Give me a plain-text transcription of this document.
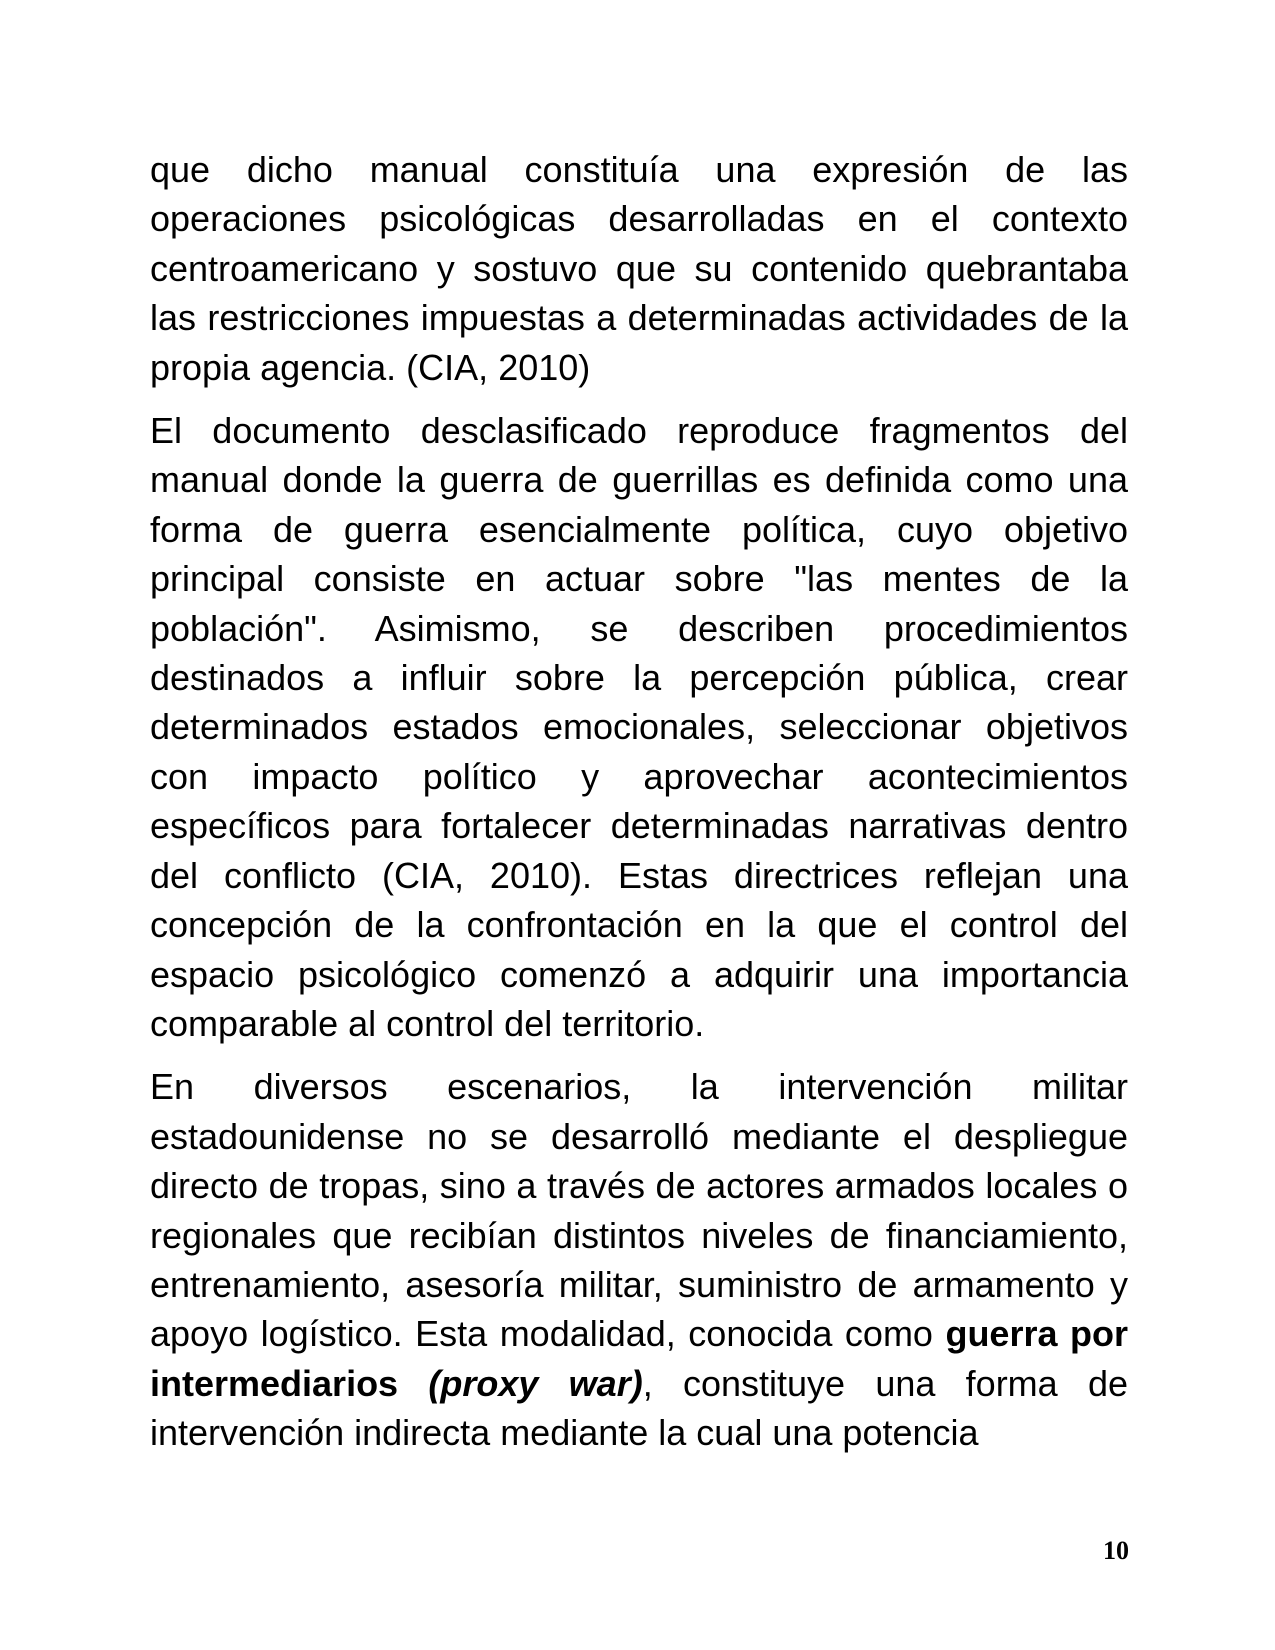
que dicho manual constituía una expresión de las operaciones psicológicas desarrolladas en el contexto centroamericano y sostuvo que su contenido quebrantaba las restricciones impuestas a determinadas actividades de la propia agencia. (CIA, 2010)

El documento desclasificado reproduce fragmentos del manual donde la guerra de guerrillas es definida como una forma de guerra esencialmente política, cuyo objetivo principal consiste en actuar sobre "las mentes de la población". Asimismo, se describen procedimientos destinados a influir sobre la percepción pública, crear determinados estados emocionales, seleccionar objetivos con impacto político y aprovechar acontecimientos específicos para fortalecer determinadas narrativas dentro del conflicto (CIA, 2010). Estas directrices reflejan una concepción de la confrontación en la que el control del espacio psicológico comenzó a adquirir una importancia comparable al control del territorio.

En diversos escenarios, la intervención militar estadounidense no se desarrolló mediante el despliegue directo de tropas, sino a través de actores armados locales o regionales que recibían distintos niveles de financiamiento, entrenamiento, asesoría militar, suministro de armamento y apoyo logístico. Esta modalidad, conocida como guerra por intermediarios (proxy war), constituye una forma de intervención indirecta mediante la cual una potencia

10
